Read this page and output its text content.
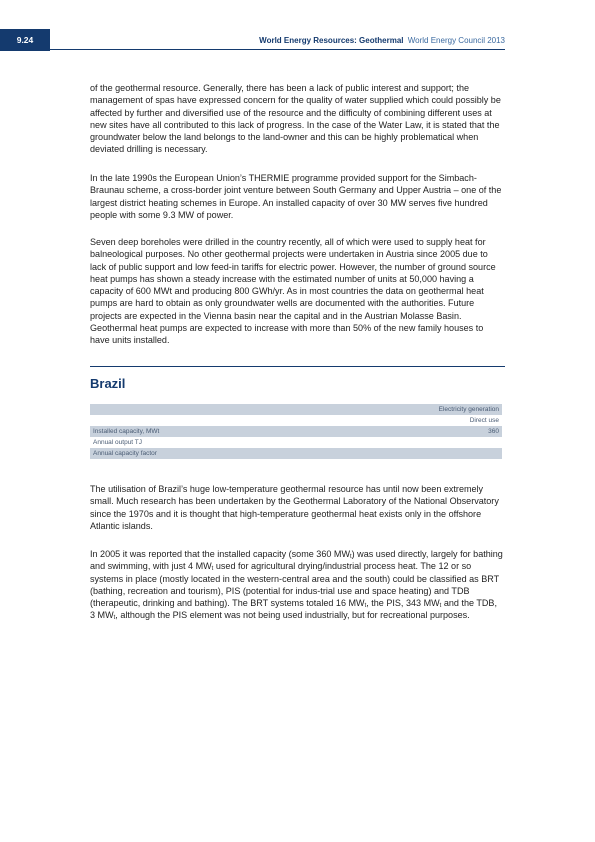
9.24	World Energy Resources: Geothermal World Energy Council 2013

of the geothermal resource. Generally, there has been a lack of public interest and support; the management of spas have expressed concern for the quality of water supplied which could possibly be affected by further and diversified use of the resource and the difficulty of combining different uses at new sites have all contributed to this lack of progress. In the case of the Water Law, it is stated that the groundwater below the land belongs to the land-owner and this can be highly problematical when deviated drilling is necessary.

In the late 1990s the European Union’s THERMIE programme provided support for the Simbach-Braunau scheme, a cross-border joint venture between South Germany and Upper Austria – one of the largest district heating schemes in Europe. An installed capacity of over 30 MW serves five hundred people with some 9.3 MW of power.

Seven deep boreholes were drilled in the country recently, all of which were used to supply heat for balneological purposes. No other geothermal projects were undertaken in Austria since 2005 due to lack of public support and low feed-in tariffs for electric power. However, the number of ground source heat pumps has shown a steady increase with the estimated number of units at 50,000 having a capacity of 600 MWt and producing 800 GWh/yr. As in most countries the data on geothermal heat pumps are hard to obtain as only groundwater wells are documented with the authorities. Future projects are expected in the Vienna basin near the capital and in the Austrian Molasse Basin. Geothermal heat pumps are expected to increase with more than 50% of the new family houses to have units installed.

Brazil
	Electricity generation
	Direct use
Installed capacity, MWt	360
Annual output TJ	
Annual capacity factor	

The utilisation of Brazil’s huge low-temperature geothermal resource has until now been extremely small. Much research has been undertaken by the Geothermal Laboratory of the National Observatory since the 1970s and it is thought that high-temperature geothermal heat exists only in the offshore Atlantic islands.

In 2005 it was reported that the installed capacity (some 360 $MW_t$) was used directly, largely for bathing and swimming, with just 4 $MW_t$ used for agricultural drying/industrial process heat. The 12 or so systems in place (mostly located in the western-central area and the south) could be classified as BRT (bathing, recreation and tourism), PIS (potential for indus-trial use and space heating) and TDB (therapeutic, drinking and bathing). The BRT systems totaled 16 $MW_t$, the PIS, 343 $MW_t$ and the TDB, 3 $MW_t$, although the PIS element was not being used industrially, but for recreational purposes.
